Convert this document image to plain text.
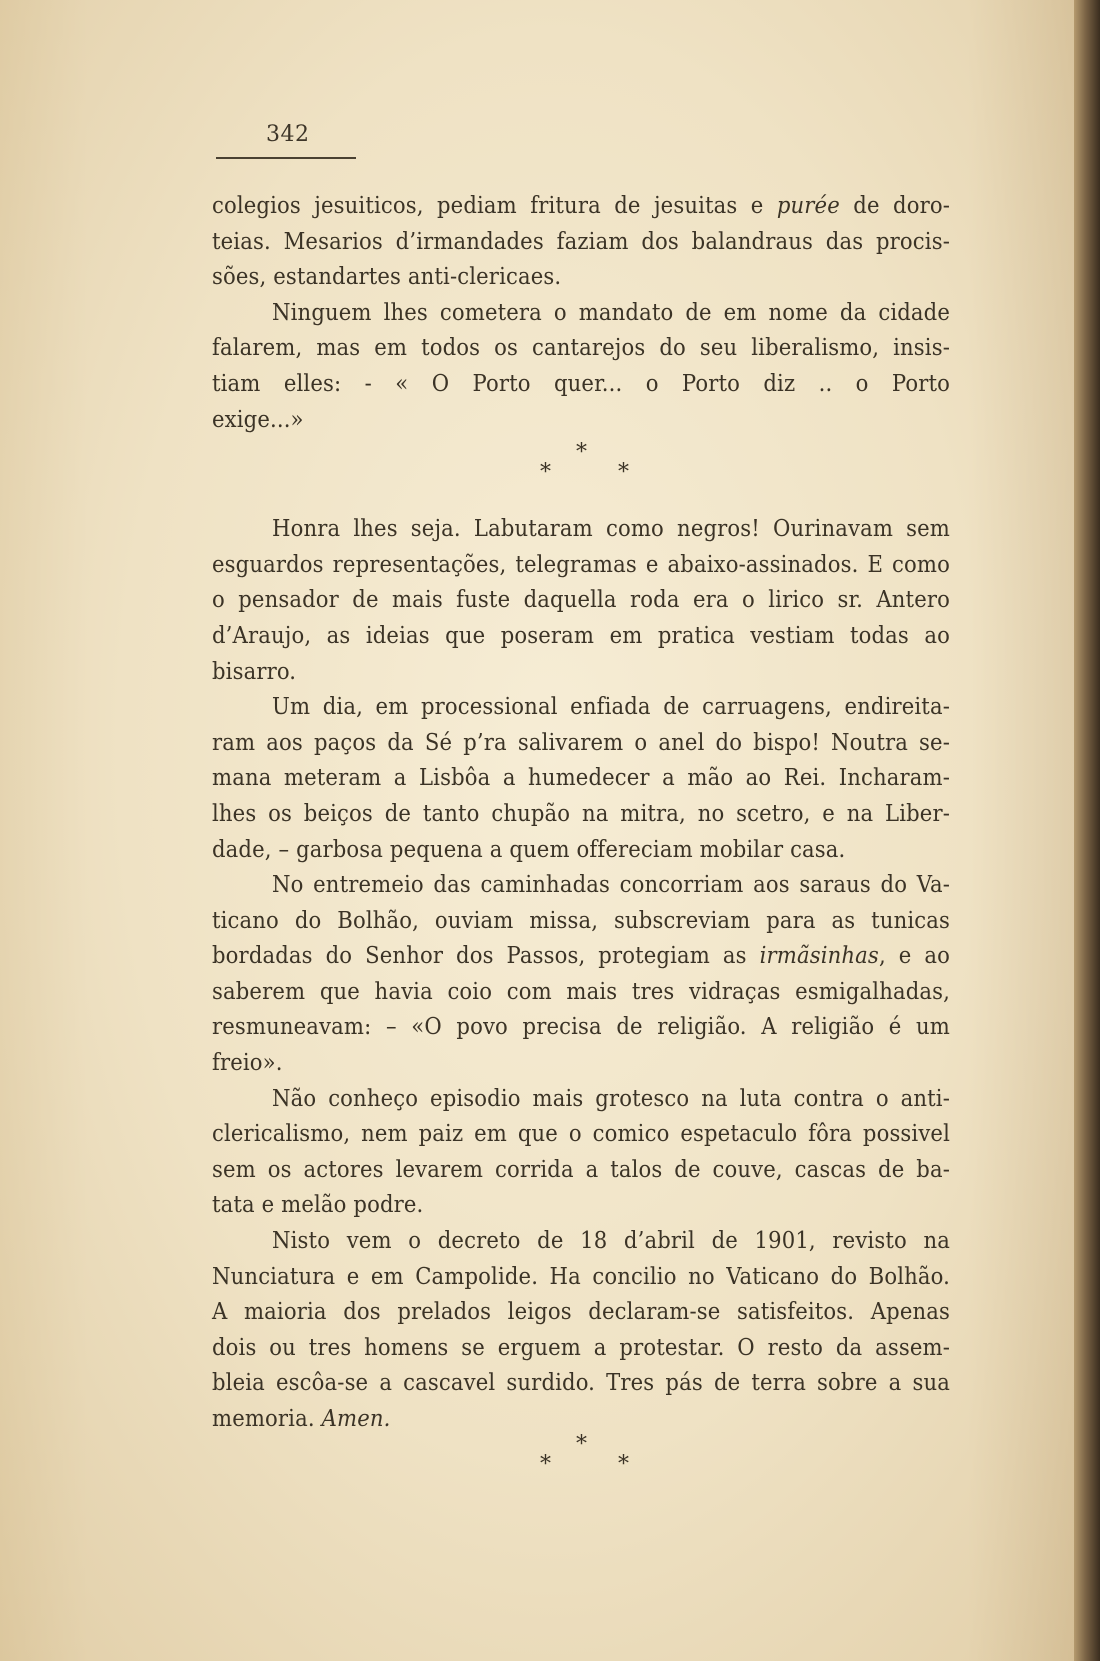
342
colegios jesuiticos, pediam fritura de jesuitas e purée de doro-
teias. Mesarios d’irmandades faziam dos balandraus das procis-
sões, estandartes anti-clericaes.
Ninguem lhes cometera o mandato de em nome da cidade
falarem, mas em todos os cantarejos do seu liberalismo, insis-
tiam elles: - « O Porto quer... o Porto diz .. o Porto
exige...»
Honra lhes seja. Labutaram como negros! Ourinavam sem
esguardos representações, telegramas e abaixo-assinados. E como
o pensador de mais fuste daquella roda era o lirico sr. Antero
d’Araujo, as ideias que poseram em pratica vestiam todas ao
bisarro.
Um dia, em processional enfiada de carruagens, endireita-
ram aos paços da Sé p’ra salivarem o anel do bispo! Noutra se-
mana meteram a Lisbôa a humedecer a mão ao Rei. Incharam-
lhes os beiços de tanto chupão na mitra, no scetro, e na Liber-
dade, – garbosa pequena a quem offereciam mobilar casa.
No entremeio das caminhadas concorriam aos saraus do Va-
ticano do Bolhão, ouviam missa, subscreviam para as tunicas
bordadas do Senhor dos Passos, protegiam as irmãsinhas, e ao
saberem que havia coio com mais tres vidraças esmigalhadas,
resmuneavam: – «O povo precisa de religião. A religião é um
freio».
Não conheço episodio mais grotesco na luta contra o anti-
clericalismo, nem paiz em que o comico espetaculo fôra possivel
sem os actores levarem corrida a talos de couve, cascas de ba-
tata e melão podre.
Nisto vem o decreto de 18 d’abril de 1901, revisto na
Nunciatura e em Campolide. Ha concilio no Vaticano do Bolhão.
A maioria dos prelados leigos declaram-se satisfeitos. Apenas
dois ou tres homens se erguem a protestar. O resto da assem-
bleia escôa-se a cascavel surdido. Tres pás de terra sobre a sua
memoria. Amen.
*
*	*
*
*	*
